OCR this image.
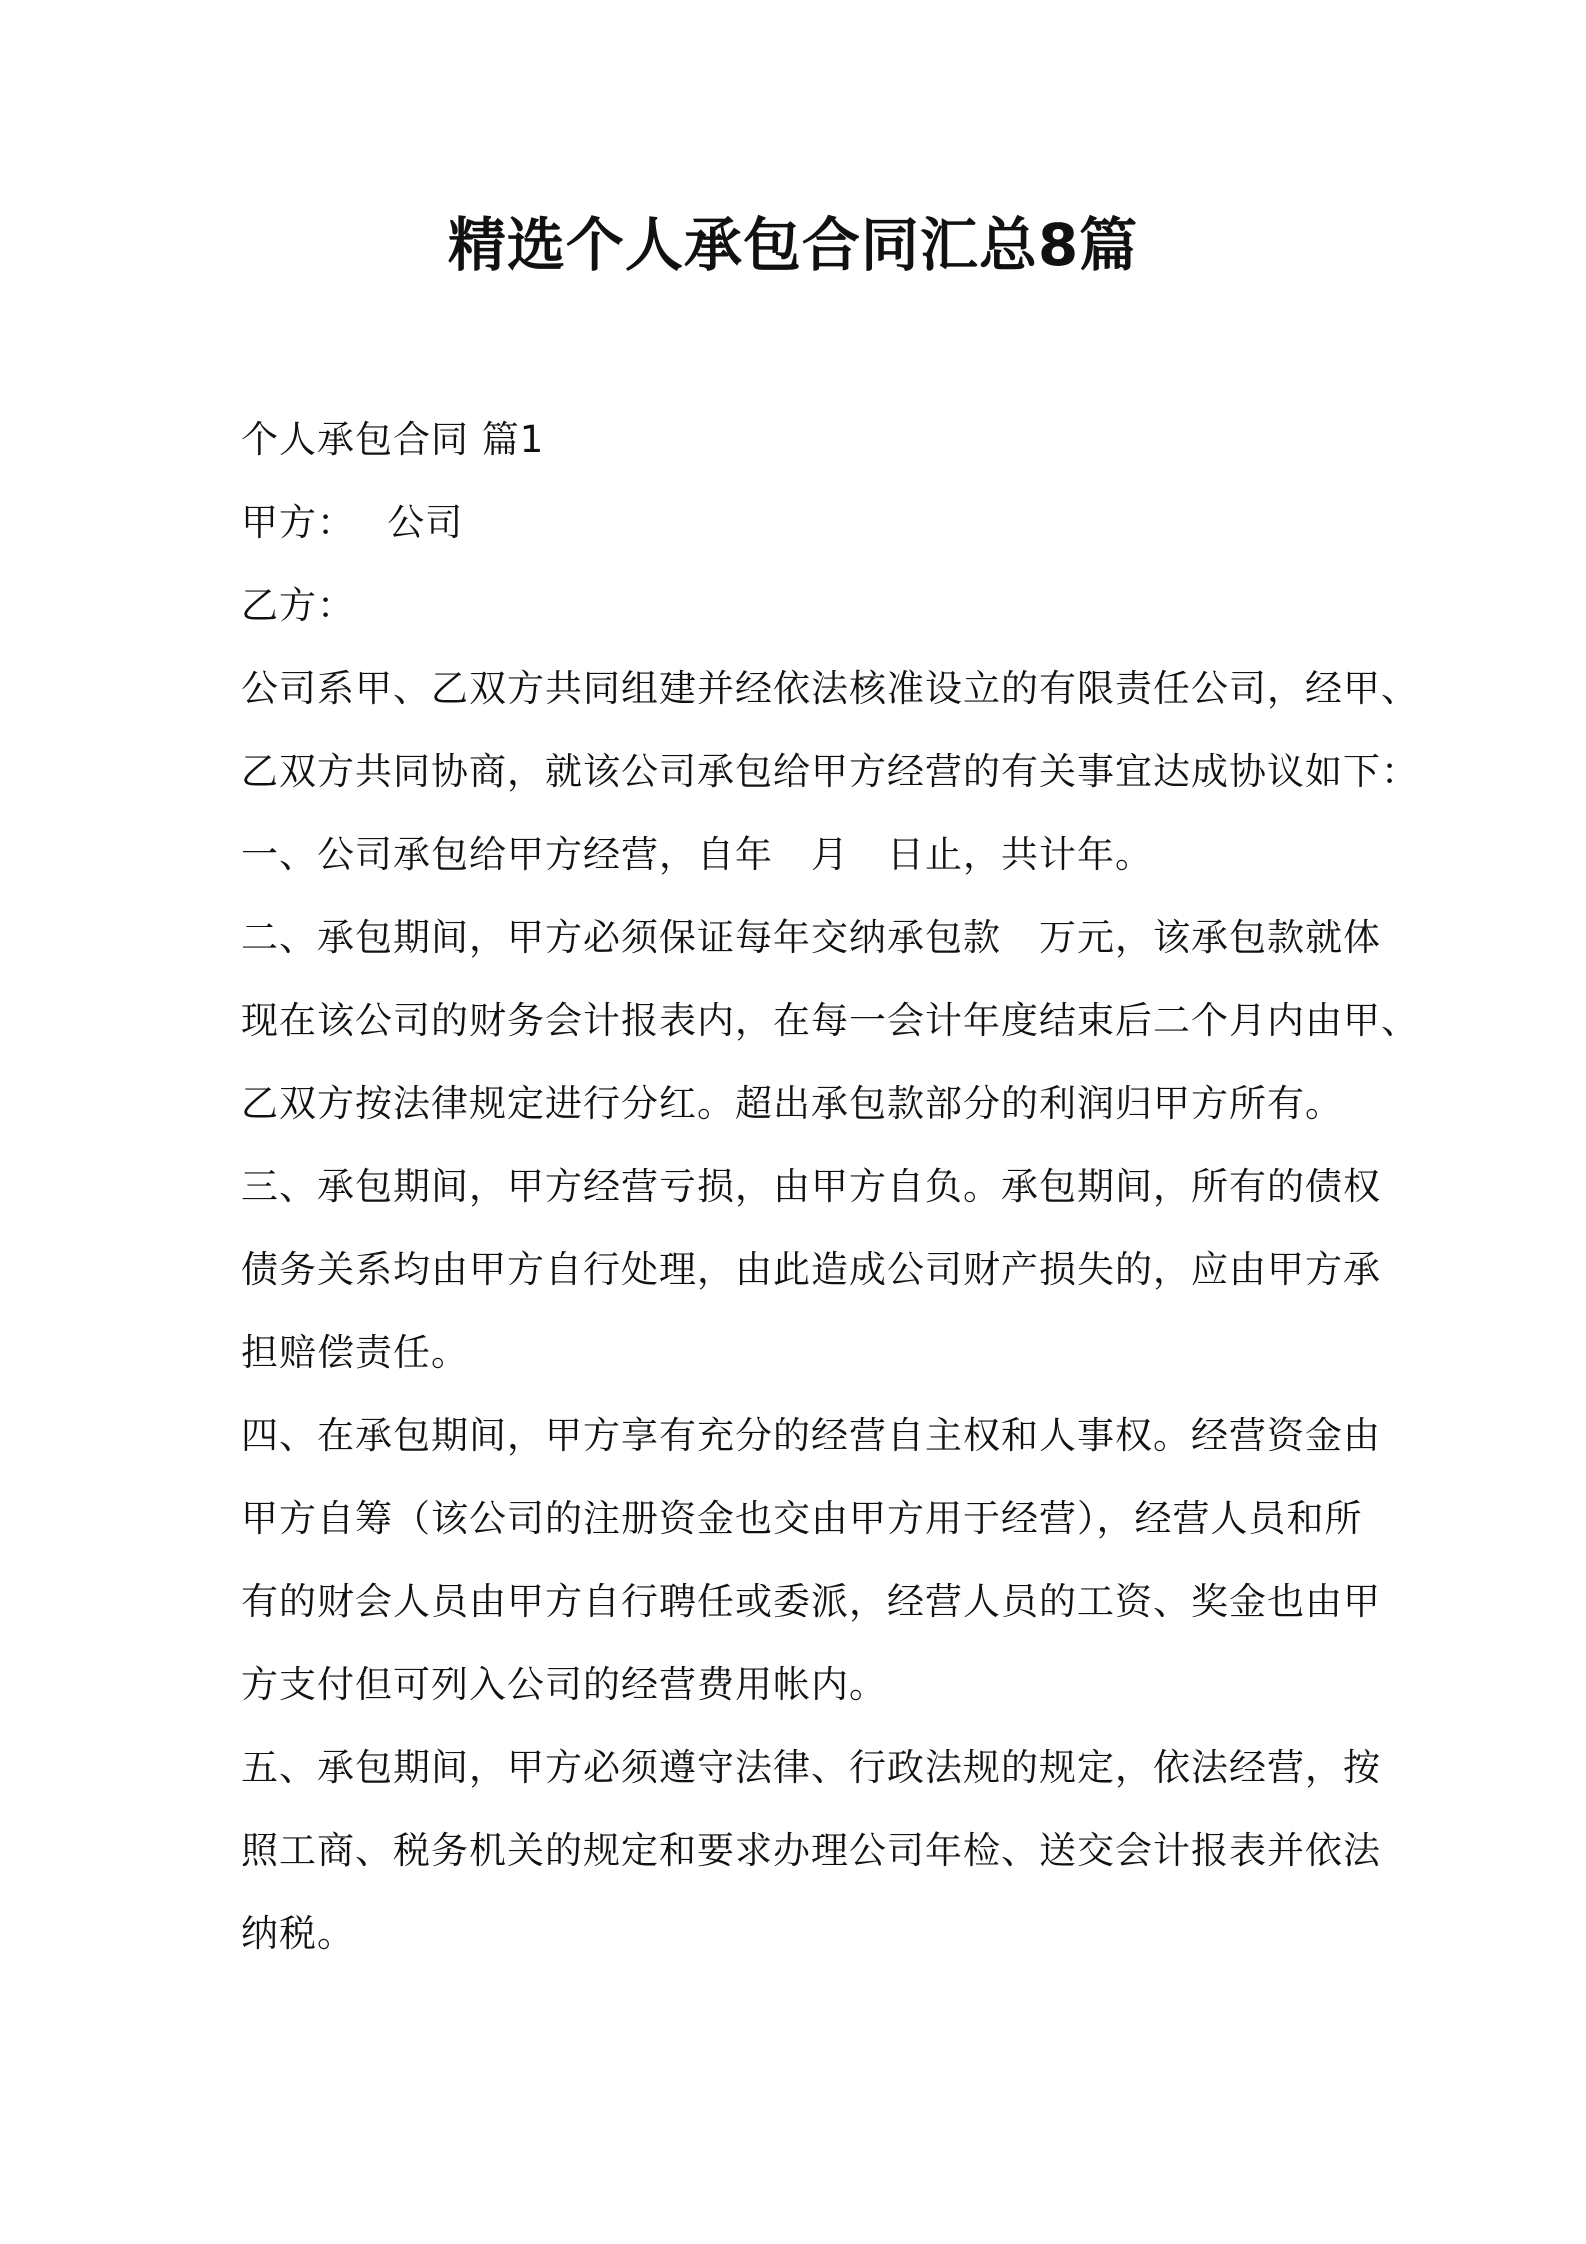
精选个人承包合同汇总8篇
个人承包合同 篇1
甲方：　 公司
乙方：
公司系甲、乙双方共同组建并经依法核准设立的有限责任公司，经甲、
乙双方共同协商，就该公司承包给甲方经营的有关事宜达成协议如下：
一、公司承包给甲方经营，自年　月　日止，共计年。
二、承包期间，甲方必须保证每年交纳承包款　万元，该承包款就体
现在该公司的财务会计报表内，在每一会计年度结束后二个月内由甲、
乙双方按法律规定进行分红。超出承包款部分的利润归甲方所有。
三、承包期间，甲方经营亏损，由甲方自负。承包期间，所有的债权
债务关系均由甲方自行处理，由此造成公司财产损失的，应由甲方承
担赔偿责任。
四、在承包期间，甲方享有充分的经营自主权和人事权。经营资金由
甲方自筹（该公司的注册资金也交由甲方用于经营），经营人员和所
有的财会人员由甲方自行聘任或委派，经营人员的工资、奖金也由甲
方支付但可列入公司的经营费用帐内。
五、承包期间，甲方必须遵守法律、行政法规的规定，依法经营，按
照工商、税务机关的规定和要求办理公司年检、送交会计报表并依法
纳税。
